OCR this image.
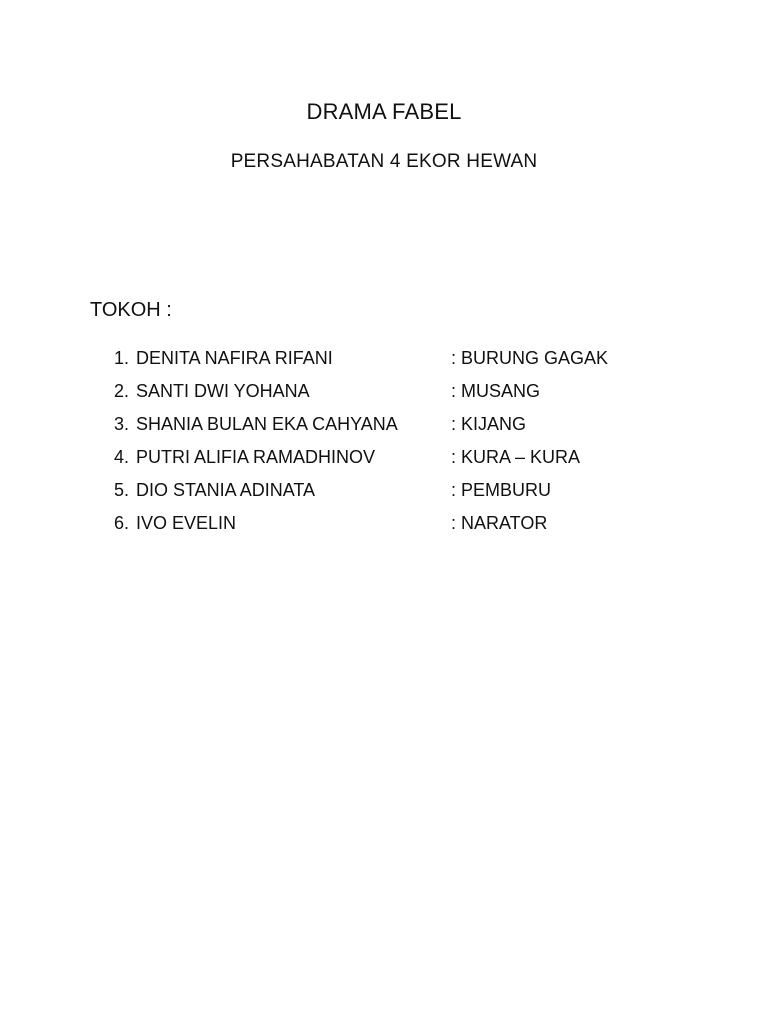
DRAMA FABEL
PERSAHABATAN 4 EKOR HEWAN
TOKOH :
1. DENITA NAFIRA RIFANI	: BURUNG GAGAK
2. SANTI DWI YOHANA	: MUSANG
3. SHANIA BULAN EKA CAHYANA	: KIJANG
4. PUTRI ALIFIA RAMADHINOV	: KURA – KURA
5. DIO STANIA ADINATA	: PEMBURU
6. IVO EVELIN	: NARATOR
